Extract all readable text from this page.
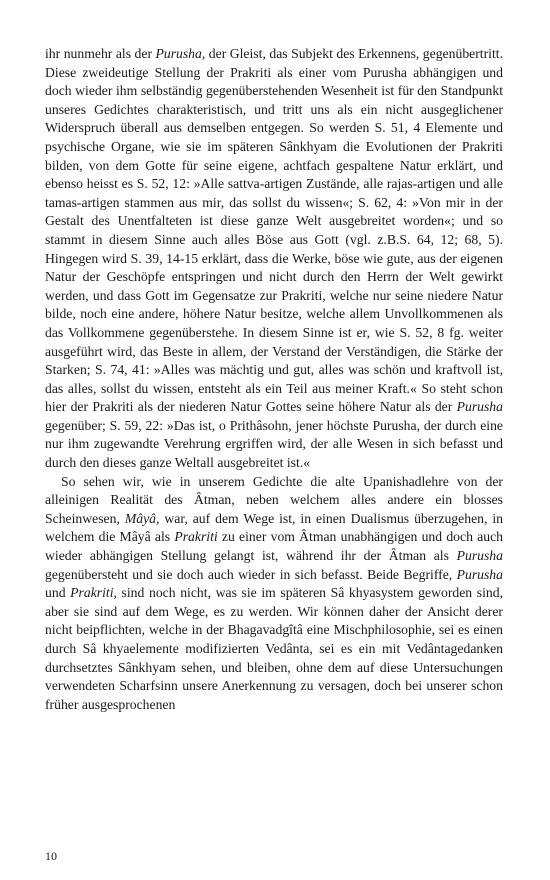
ihr nunmehr als der Purusha, der Gleist, das Subjekt des Erkennens, gegenübertritt. Diese zweideutige Stellung der Prakriti als einer vom Purusha abhängigen und doch wieder ihm selbständig gegenüberstehenden Wesenheit ist für den Standpunkt unseres Gedichtes charakteristisch, und tritt uns als ein nicht ausgeglichener Widerspruch überall aus demselben entgegen. So werden S. 51, 4 Elemente und psychische Organe, wie sie im späteren Sânkhyam die Evolutionen der Prakriti bilden, von dem Gotte für seine eigene, achtfach gespaltene Natur erklärt, und ebenso heisst es S. 52, 12: »Alle sattva-artigen Zustände, alle rajas-artigen und alle tamas-artigen stammen aus mir, das sollst du wissen«; S. 62, 4: »Von mir in der Gestalt des Unentfalteten ist diese ganze Welt ausgebreitet worden«; und so stammt in diesem Sinne auch alles Böse aus Gott (vgl. z.B.S. 64, 12; 68, 5). Hingegen wird S. 39, 14-15 erklärt, dass die Werke, böse wie gute, aus der eigenen Natur der Geschöpfe entspringen und nicht durch den Herrn der Welt gewirkt werden, und dass Gott im Gegensatze zur Prakriti, welche nur seine niedere Natur bilde, noch eine andere, höhere Natur besitze, welche allem Unvollkommenen als das Vollkommene gegenüberstehe. In diesem Sinne ist er, wie S. 52, 8 fg. weiter ausgeführt wird, das Beste in allem, der Verstand der Verständigen, die Stärke der Starken; S. 74, 41: »Alles was mächtig und gut, alles was schön und kraftvoll ist, das alles, sollst du wissen, entsteht als ein Teil aus meiner Kraft.« So steht schon hier der Prakriti als der niederen Natur Gottes seine höhere Natur als der Purusha gegenüber; S. 59, 22: »Das ist, o Prithâsohn, jener höchste Purusha, der durch eine nur ihm zugewandte Verehrung ergriffen wird, der alle Wesen in sich befasst und durch den dieses ganze Weltall ausgebreitet ist.«

So sehen wir, wie in unserem Gedichte die alte Upanishadlehre von der alleinigen Realität des Âtman, neben welchem alles andere ein blosses Scheinwesen, Mâyâ, war, auf dem Wege ist, in einen Dualismus überzugehen, in welchem die Mâyâ als Prakriti zu einer vom Âtman unabhängigen und doch auch wieder abhängigen Stellung gelangt ist, während ihr der Âtman als Purusha gegenübersteht und sie doch auch wieder in sich befasst. Beide Begriffe, Purusha und Prakriti, sind noch nicht, was sie im späteren Sâ khyasystem geworden sind, aber sie sind auf dem Wege, es zu werden. Wir können daher der Ansicht derer nicht beipflichten, welche in der Bhagavadgîtâ eine Mischphilosophie, sei es einen durch Sâ khyaelemente modifizierten Vedânta, sei es ein mit Vedântagedanken durchsetztes Sânkhyam sehen, und bleiben, ohne dem auf diese Untersuchungen verwendeten Scharfsinn unsere Anerkennung zu versagen, doch bei unserer schon früher ausgesprochenen

10
